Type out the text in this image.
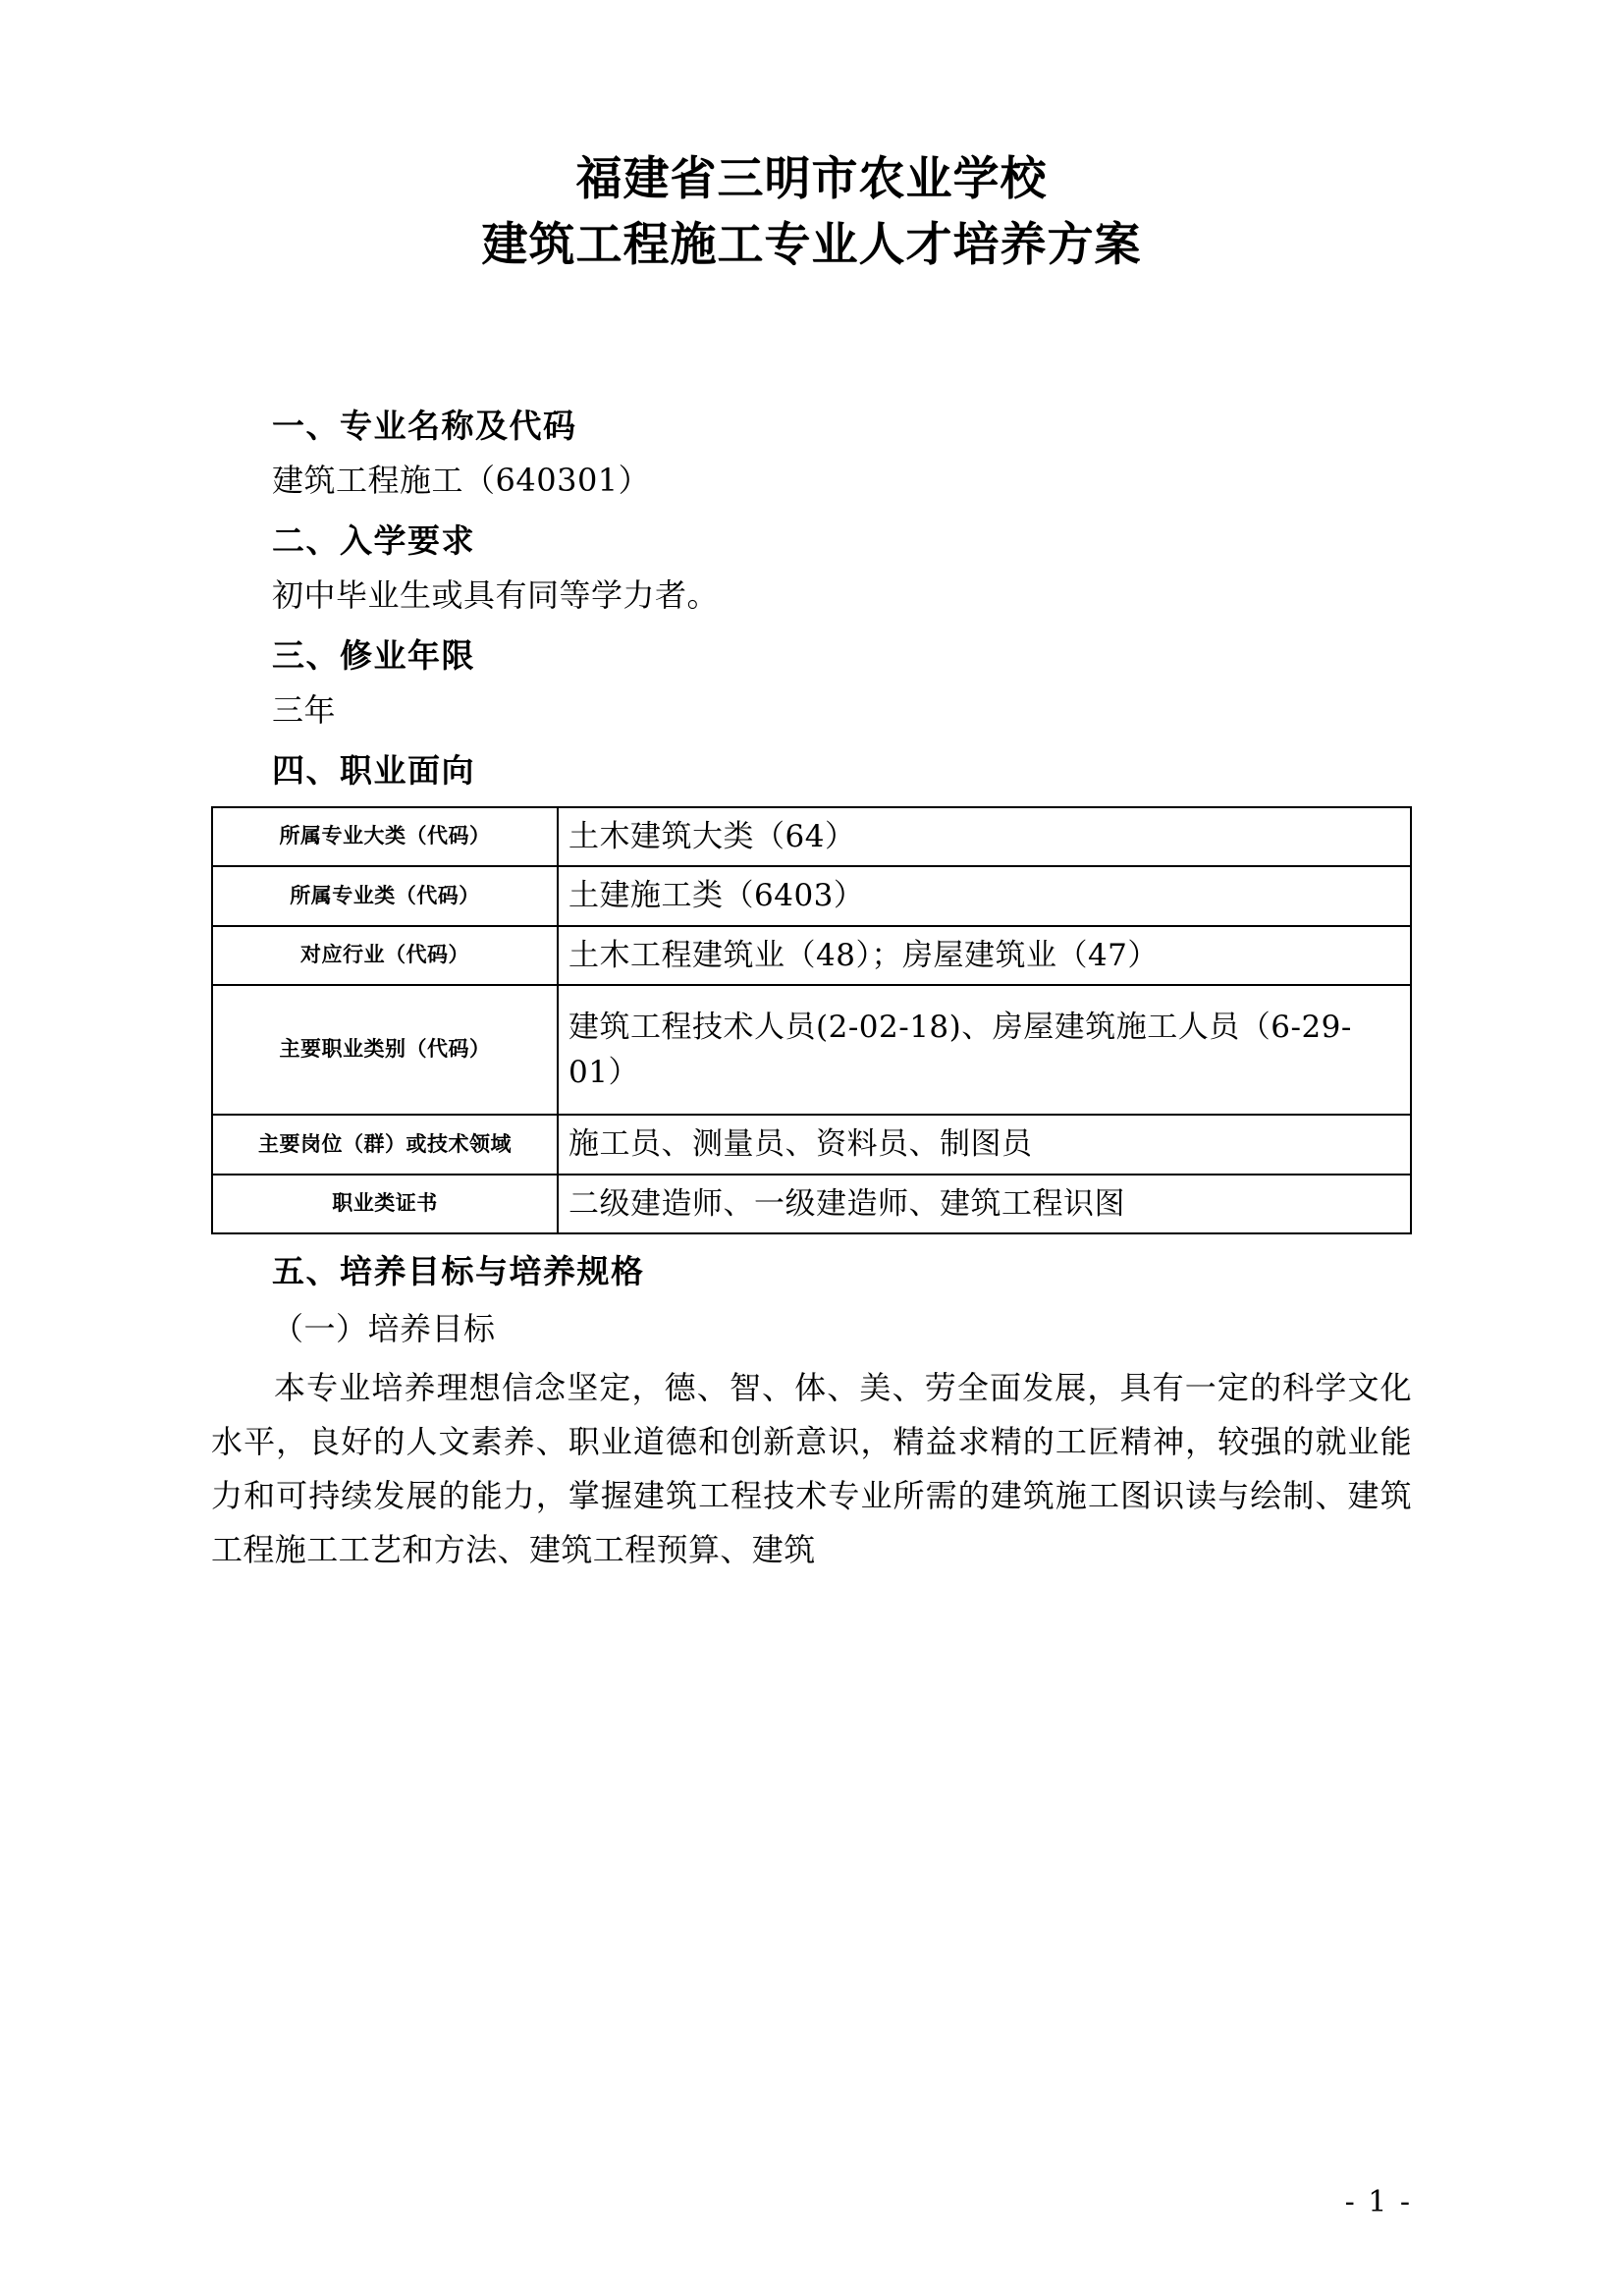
福建省三明市农业学校
建筑工程施工专业人才培养方案
一、专业名称及代码

建筑工程施工（640301）

二、入学要求

初中毕业生或具有同等学力者。

三、修业年限

三年

四、职业面向
所属专业大类（代码）	土木建筑大类（64）
所属专业类（代码）	土建施工类（6403）
对应行业（代码）	土木工程建筑业（48）；房屋建筑业（47）
主要职业类别（代码）	建筑工程技术人员(2-02-18)、房屋建筑施工人员（6-29-01）
主要岗位（群）或技术领域	施工员、测量员、资料员、制图员
职业类证书	二级建造师、一级建造师、建筑工程识图
五、培养目标与培养规格

（一）培养目标

本专业培养理想信念坚定，德、智、体、美、劳全面发展，具有一定的科学文化水平，良好的人文素养、职业道德和创新意识，精益求精的工匠精神，较强的就业能力和可持续发展的能力，掌握建筑工程技术专业所需的建筑施工图识读与绘制、建筑工程施工工艺和方法、建筑工程预算、建筑

- 1 -
